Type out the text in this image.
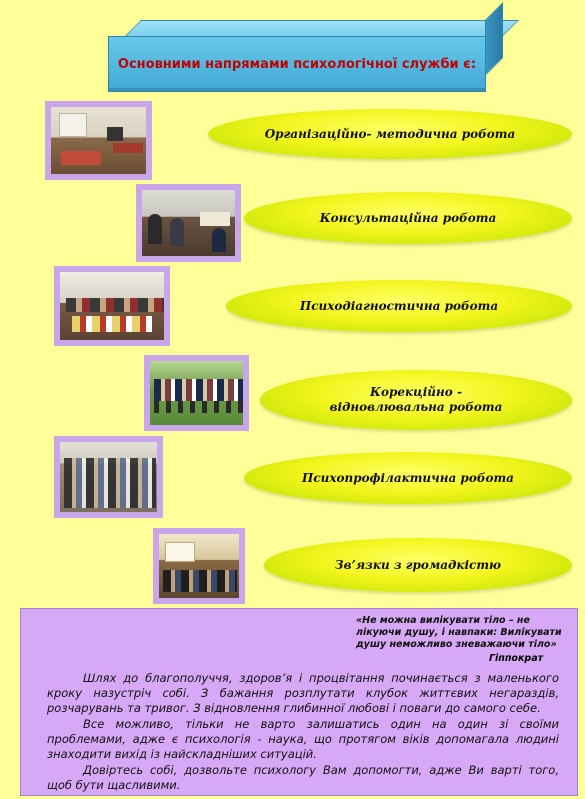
Основними напрямами психологічної служби є:
Організаційно- методична робота
Консультаційна робота
Психодіагностична робота
Корекційно - відновлювальна робота
Психопрофілактична робота
Зв’язки з громадкістю
«Не можна вилікувати тіло – не лікуючи душу, і навпаки: Вилікувати душу неможливо зневажаючи тіло»
Гіппократ

Шлях до благополуччя, здоров’я і процвітання починається з маленького кроку назустріч собі. З бажання розплутати клубок життєвих негараздів, розчарувань та тривог. З відновлення глибинної любові і поваги до самого себе.

Все можливо, тільки не варто залишатись один на один зі своїми проблемами, адже є психологія - наука, що протягом віків допомагала людині знаходити вихід із найскладніших ситуацій.

Довіртесь собі, дозвольте психологу Вам допомогти, адже Ви варті того, щоб бути щасливими.
